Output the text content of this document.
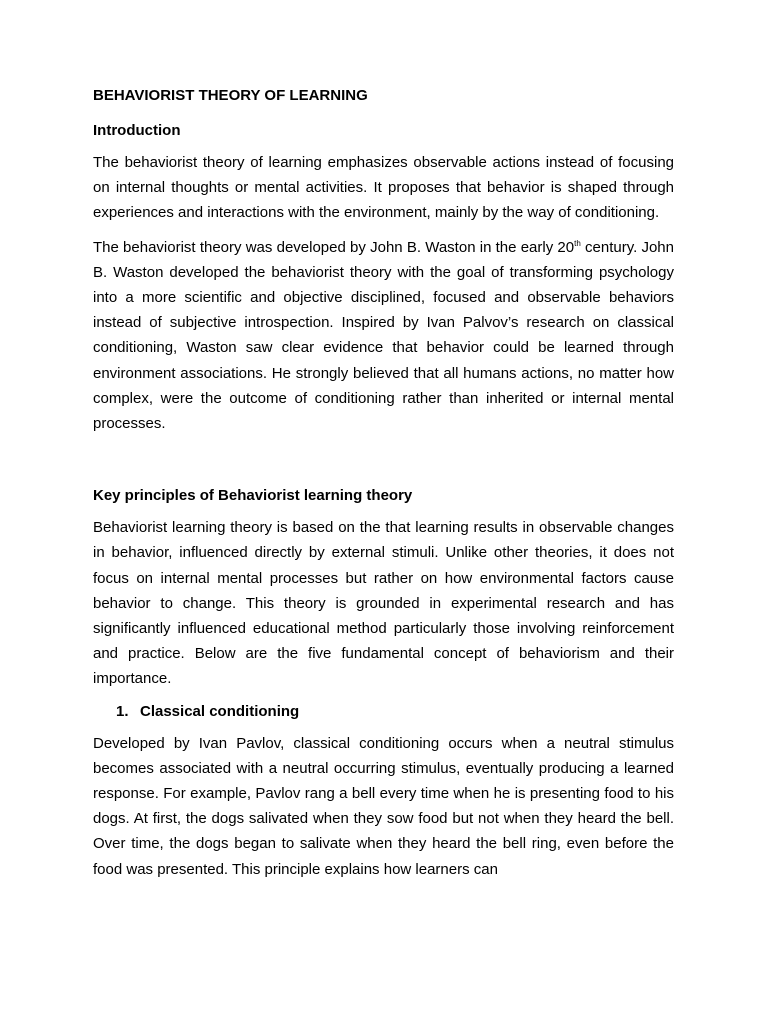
BEHAVIORIST THEORY OF LEARNING

Introduction

The behaviorist theory of learning emphasizes observable actions instead of focusing on internal thoughts or mental activities. It proposes that behavior is shaped through experiences and interactions with the environment, mainly by the way of conditioning.

The behaviorist theory was developed by John B. Waston in the early 20th century. John B. Waston developed the behaviorist theory with the goal of transforming psychology into a more scientific and objective disciplined, focused and observable behaviors instead of subjective introspection. Inspired by Ivan Palvov’s research on classical conditioning, Waston saw clear evidence that behavior could be learned through environment associations. He strongly believed that all humans actions, no matter how complex, were the outcome of conditioning rather than inherited or internal mental processes.

Key principles of Behaviorist learning theory

Behaviorist learning theory is based on the that learning results in observable changes in behavior, influenced directly by external stimuli. Unlike other theories, it does not focus on internal mental processes but rather on how environmental factors cause behavior to change. This theory is grounded in experimental research and has significantly influenced educational method particularly those involving reinforcement and practice. Below are the five fundamental concept of behaviorism and their importance.

1. Classical conditioning

Developed by Ivan Pavlov, classical conditioning occurs when a neutral stimulus becomes associated with a neutral occurring stimulus, eventually producing a learned response. For example, Pavlov rang a bell every time when he is presenting food to his dogs. At first, the dogs salivated when they sow food but not when they heard the bell. Over time, the dogs began to salivate when they heard the bell ring, even before the food was presented. This principle explains how learners can
